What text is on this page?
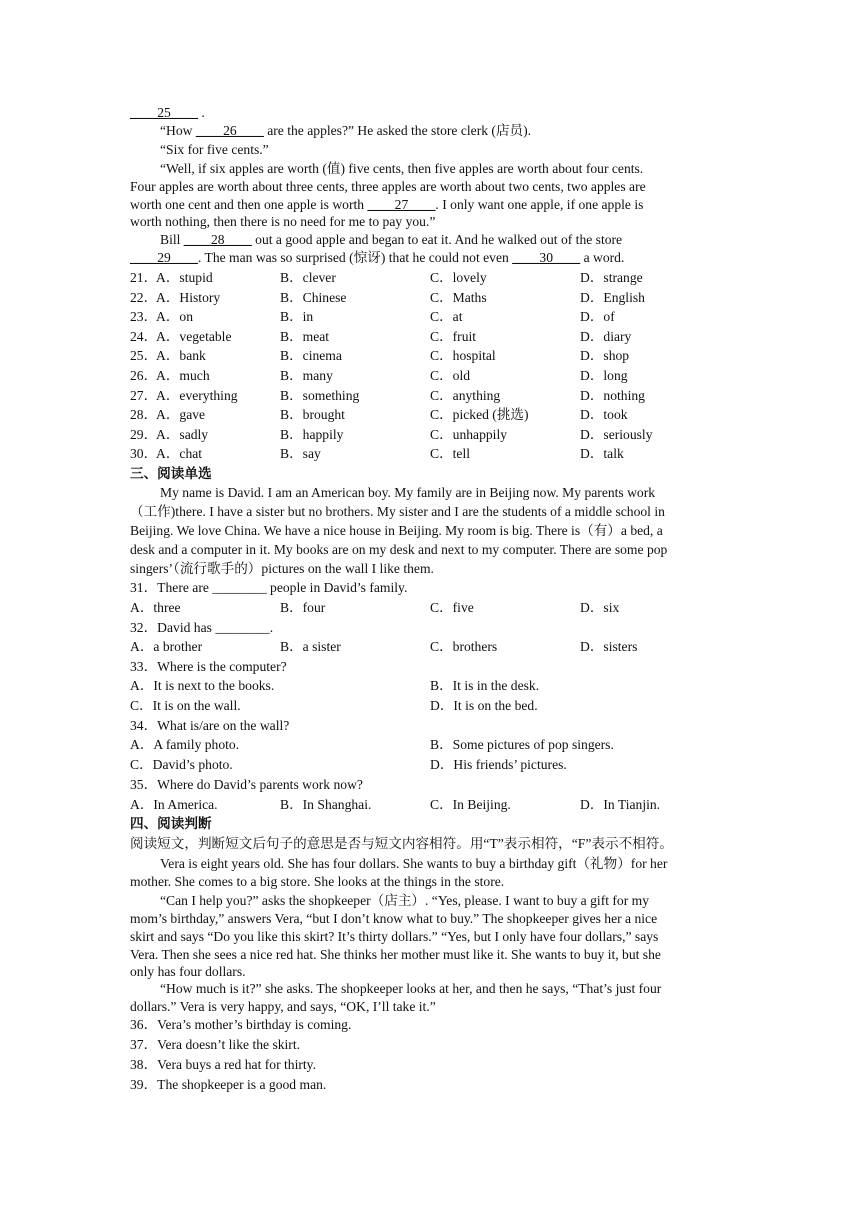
____25____ .
“How ____26____ are the apples?” He asked the store clerk (店员).
“Six for five cents.”
“Well, if six apples are worth (值) five cents, then five apples are worth about four cents.
Four apples are worth about three cents, three apples are worth about two cents, two apples are
worth one cent and then one apple is worth ____27____. I only want one apple, if one apple is
worth nothing, then there is no need for me to pay you.”
Bill ____28____ out a good apple and began to eat it. And he walked out of the store
____29____. The man was so surprised (惊讶) that he could not even ____30____ a word.
21．
A．stupid	B．clever	C．lovely	D．strange
22．
A．History	B．Chinese	C．Maths	D．English
23．
A．on	B．in	C．at	D．of
24．
A．vegetable	B．meat	C．fruit	D．diary
25．
A．bank	B．cinema	C．hospital	D．shop
26．
A．much	B．many	C．old	D．long
27．
A．everything	B．something	C．anything	D．nothing
28．
A．gave	B．brought	C．picked (挑选)	D．took
29．
A．sadly	B．happily	C．unhappily	D．seriously
30．
A．chat	B．say	C．tell	D．talk
三、阅读单选
My name is David. I am an American boy. My family are in Beijing now. My parents work
（工作)there. I have a sister but no brothers. My sister and I are the students of a middle school in
Beijing. We love China. We have a nice house in Beijing. My room is big. There is（有）a bed, a
desk and a computer in it. My books are on my desk and next to my computer. There are some pop
singers’（流行歌手的）pictures on the wall I like them.
31．There are ________ people in David’s family.
A．three	B．four	C．five	D．six
32．David has ________.
A．a brother	B．a sister	C．brothers	D．sisters
33．Where is the computer?
A．It is next to the books.	B．It is in the desk.
C．It is on the wall.	D．It is on the bed.
34．What is/are on the wall?
A．A family photo.	B．Some pictures of pop singers.
C．David’s photo.	D．His friends’ pictures.
35．Where do David’s parents work now?
A．In America.	B．In Shanghai.	C．In Beijing.	D．In Tianjin.
四、阅读判断
阅读短文，判断短文后句子的意思是否与短文内容相符。用“T”表示相符，“F”表示不相符。
Vera is eight years old. She has four dollars. She wants to buy a birthday gift（礼物）for her
mother. She comes to a big store. She looks at the things in the store.
“Can I help you?” asks the shopkeeper（店主）. “Yes, please. I want to buy a gift for my
mom’s birthday,” answers Vera, “but I don’t know what to buy.” The shopkeeper gives her a nice
skirt and says “Do you like this skirt? It’s thirty dollars.” “Yes, but I only have four dollars,” says
Vera. Then she sees a nice red hat. She thinks her mother must like it. She wants to buy it, but she
only has four dollars.
“How much is it?” she asks. The shopkeeper looks at her, and then he says, “That’s just four
dollars.” Vera is very happy, and says, “OK, I’ll take it.”
36．Vera’s mother’s birthday is coming.
37．Vera doesn’t like the skirt.
38．Vera buys a red hat for thirty.
39．The shopkeeper is a good man.
